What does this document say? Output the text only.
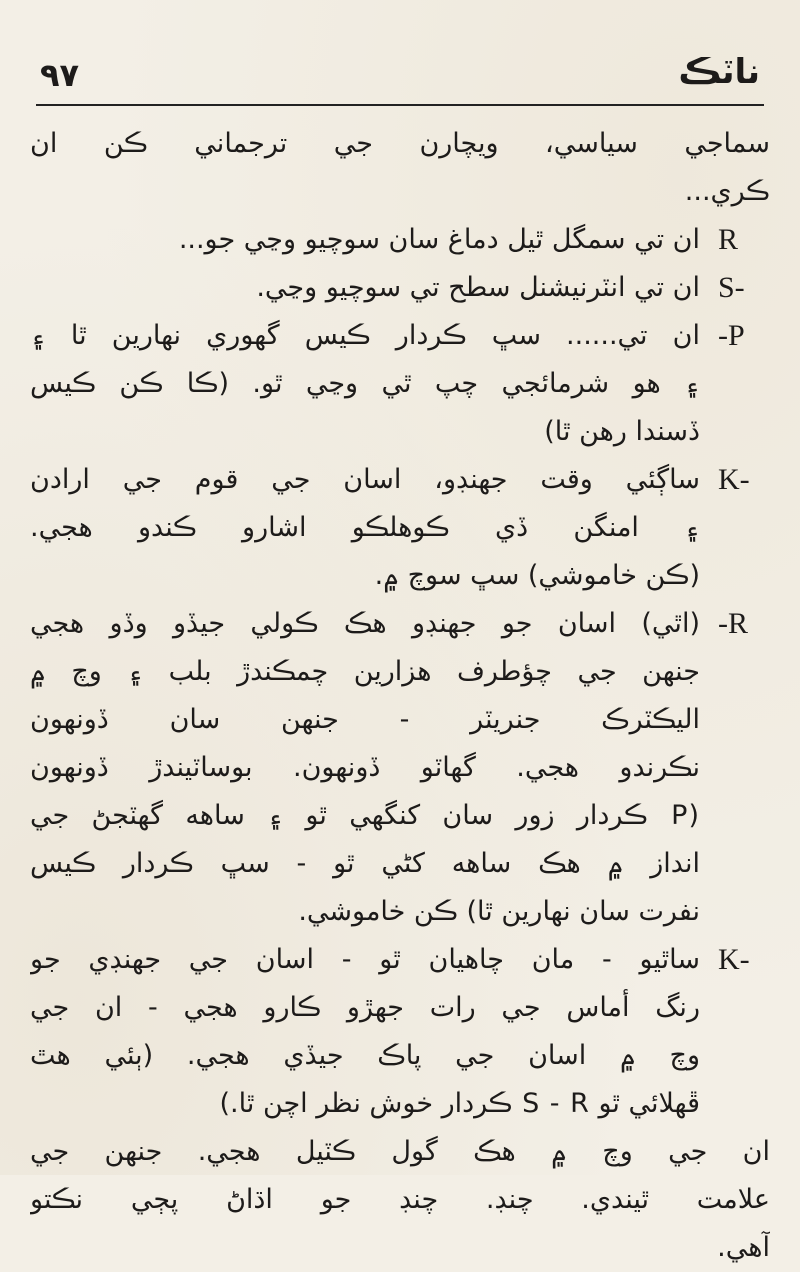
٩٧	ناٽڪ
سماجي سياسي، ويچارن جي ترجماني ڪن ان
ڪري...
R
ان تي سمگل ٿيل دماغ سان سوچيو وڃي جو...
S-
ان تي انٽرنيشنل سطح تي سوچيو وڃي.
-P
ان تي...... سڀ ڪردار ڪيس گهوري نهارين ٿا ۽
۽ هو شرمائجي چپ ٿي وڃي ٿو. (ڪا ڪن ڪيس
ڏسندا رهن ٿا)
K-
ساڳئي وقت جهنڊو، اسان جي قوم جي ارادن
۽ امنگن ڏي ڪوهلڪو اشارو ڪندو هجي.
(ڪن خاموشي) سڀ سوچ ۾.
-R
(اٿي) اسان جو جهنڊو هڪ ڪولي جيڏو وڏو هجي
جنهن جي چؤطرف هزارين چمڪندڙ بلب ۽ وچ ۾
اليڪٽرڪ جنريٽر - جنهن سان ڏونهون
نڪرندو هجي. گهاٽو ڏونهون. بوساٽيندڙ ڏونهون
(P ڪردار زور سان کنگهي ٿو ۽ ساهه گهٽجڻ جي
انداز ۾ هڪ ساهه کڻي ٿو - سڀ ڪردار ڪيس
نفرت سان نهارين ٿا) ڪن خاموشي.
K-
ساٿيو - مان چاهيان ٿو - اسان جي جهنڊي جو
رنگ أماس جي رات جهڙو ڪارو هجي - ان جي
وچ ۾ اسان جي پاڪ جيڏي هجي. (ٻئي هٿ
ڦهلائي ٿو S - R ڪردار خوش نظر اچن ٿا.)
ان جي وچ ۾ هڪ گول ڪٽيل هجي. جنهن جي
علامت ٿيندي. چنڊ. چنڊ جو اڌاڻ پڄي نڪتو
آهي.
